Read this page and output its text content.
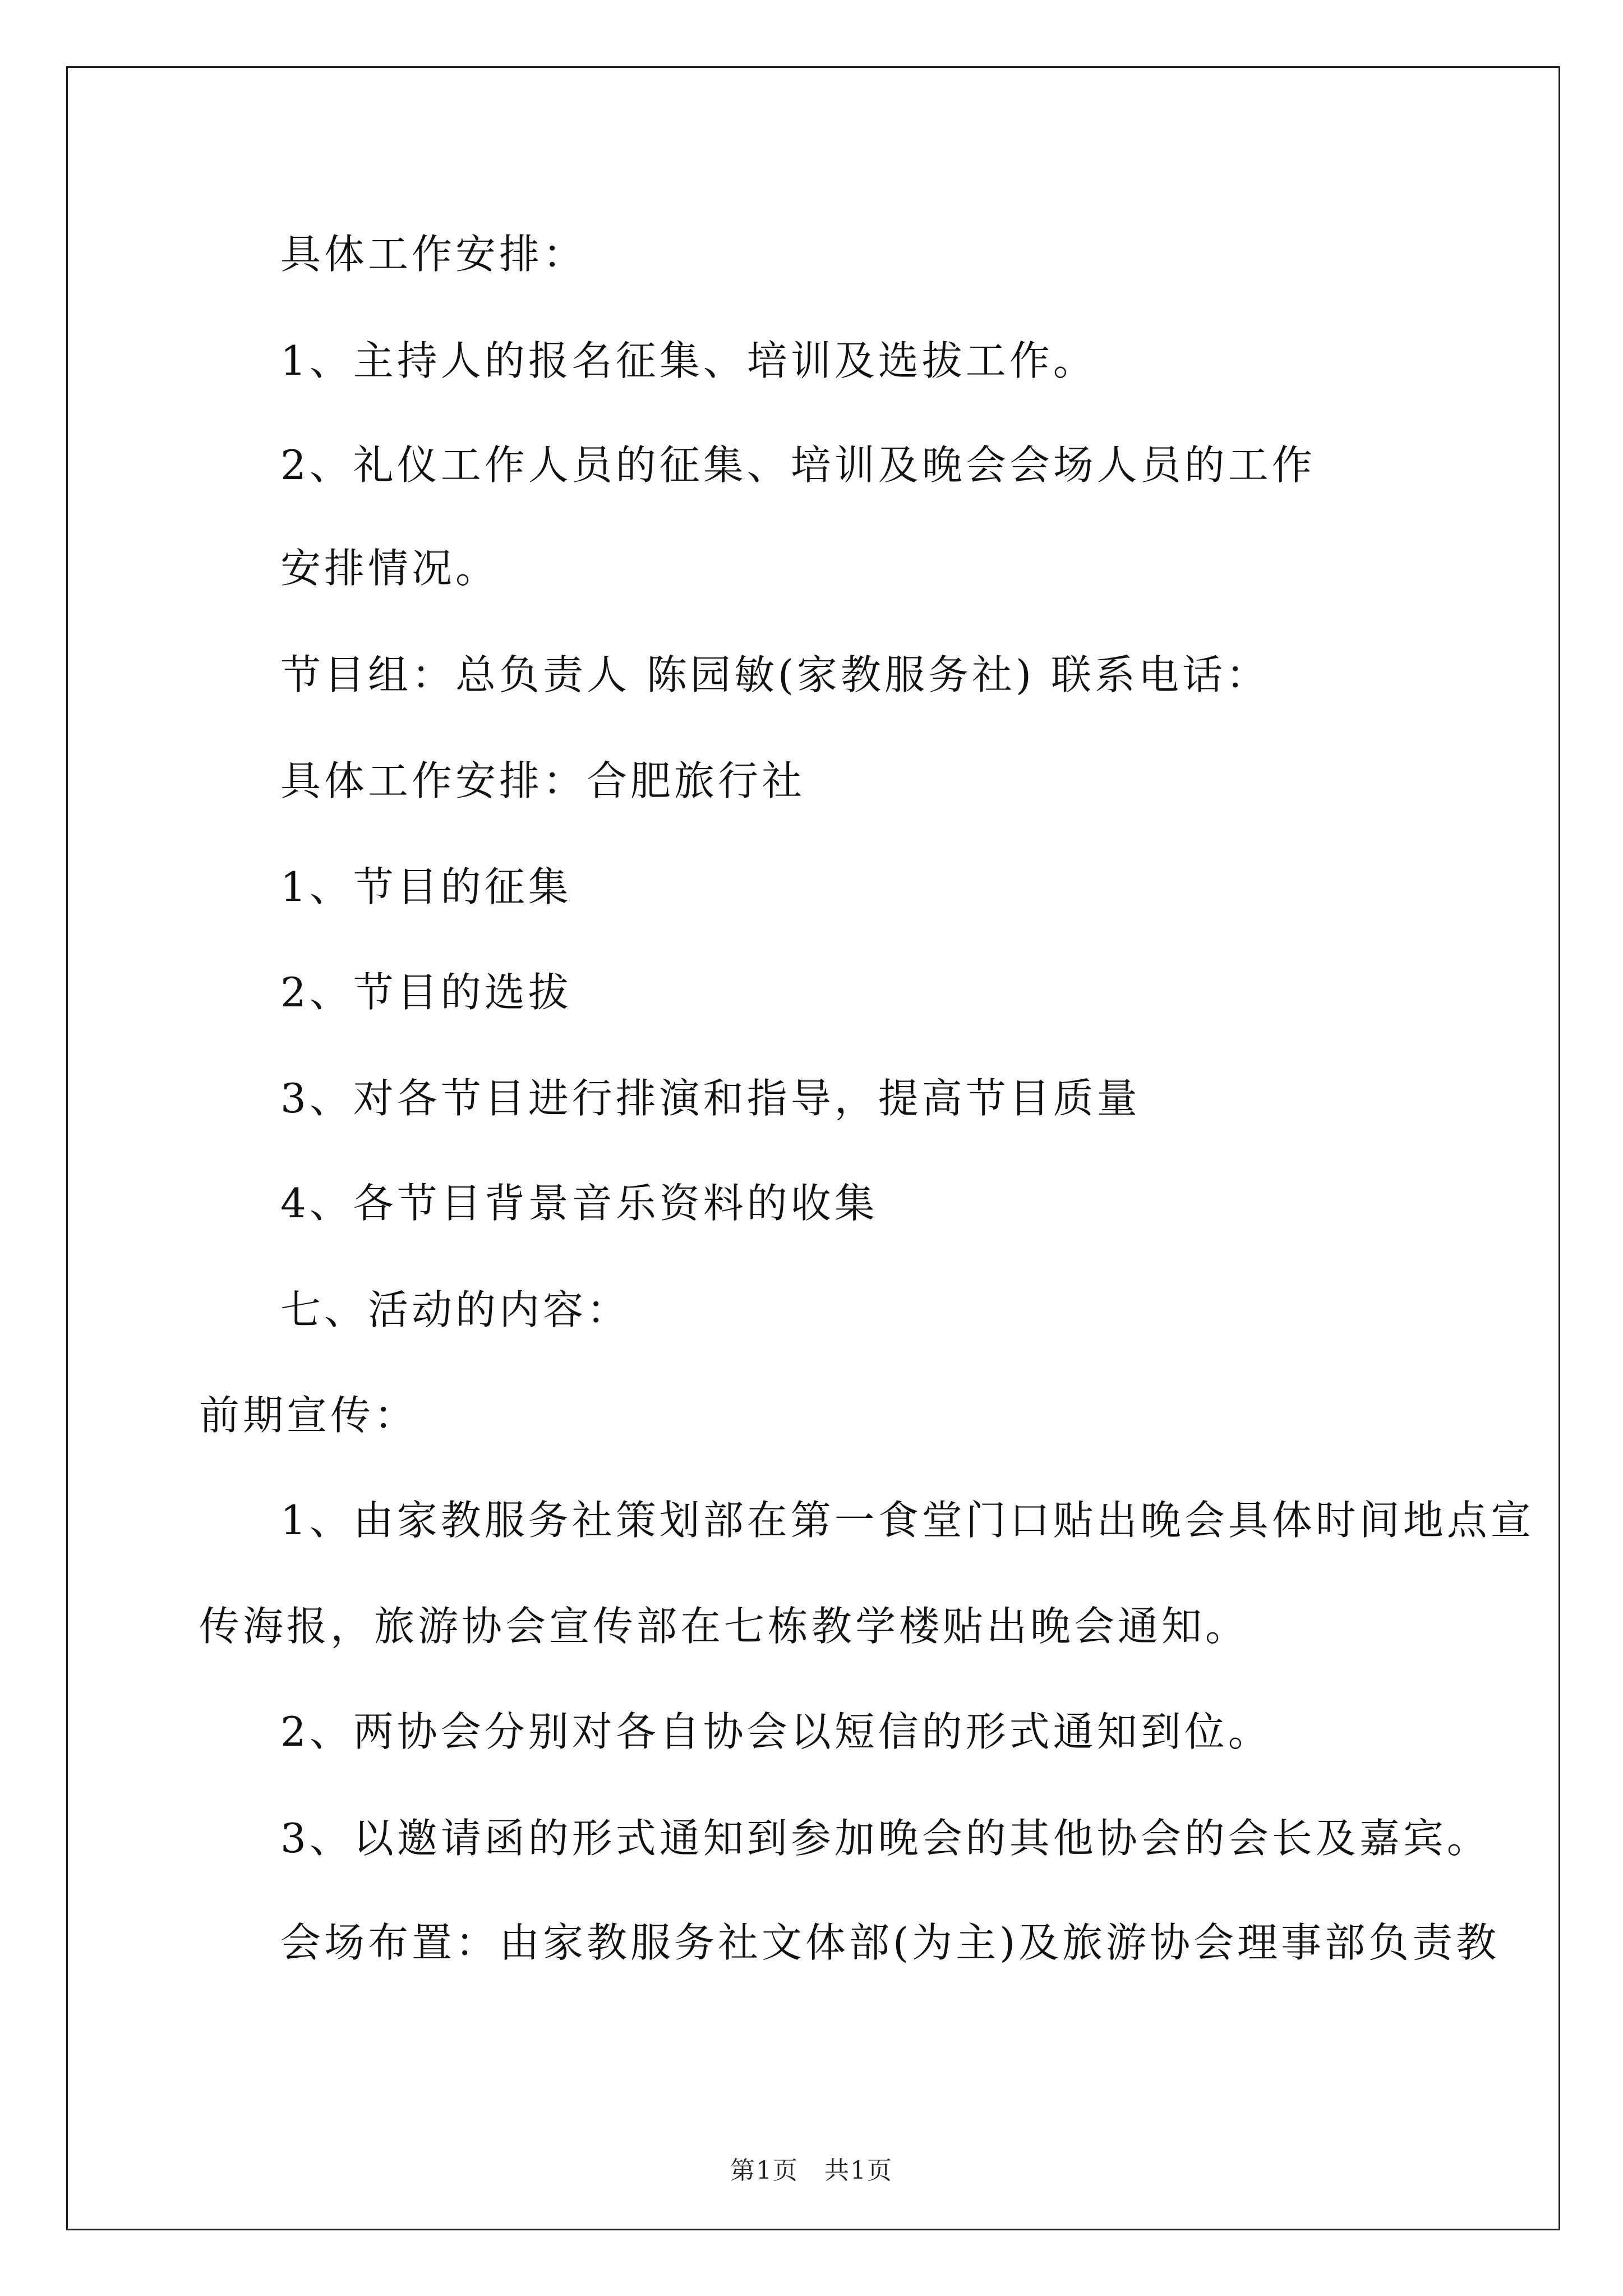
具体工作安排：
1、主持人的报名征集、培训及选拔工作。
2、礼仪工作人员的征集、培训及晚会会场人员的工作
安排情况。
节目组：总负责人 陈园敏(家教服务社) 联系电话：
具体工作安排：合肥旅行社
1、节目的征集
2、节目的选拔
3、对各节目进行排演和指导，提高节目质量
4、各节目背景音乐资料的收集
七、活动的内容：
前期宣传：
1、由家教服务社策划部在第一食堂门口贴出晚会具体时间地点宣
传海报，旅游协会宣传部在七栋教学楼贴出晚会通知。
2、两协会分别对各自协会以短信的形式通知到位。
3、以邀请函的形式通知到参加晚会的其他协会的会长及嘉宾。
会场布置：由家教服务社文体部(为主)及旅游协会理事部负责教
第1页　共1页
